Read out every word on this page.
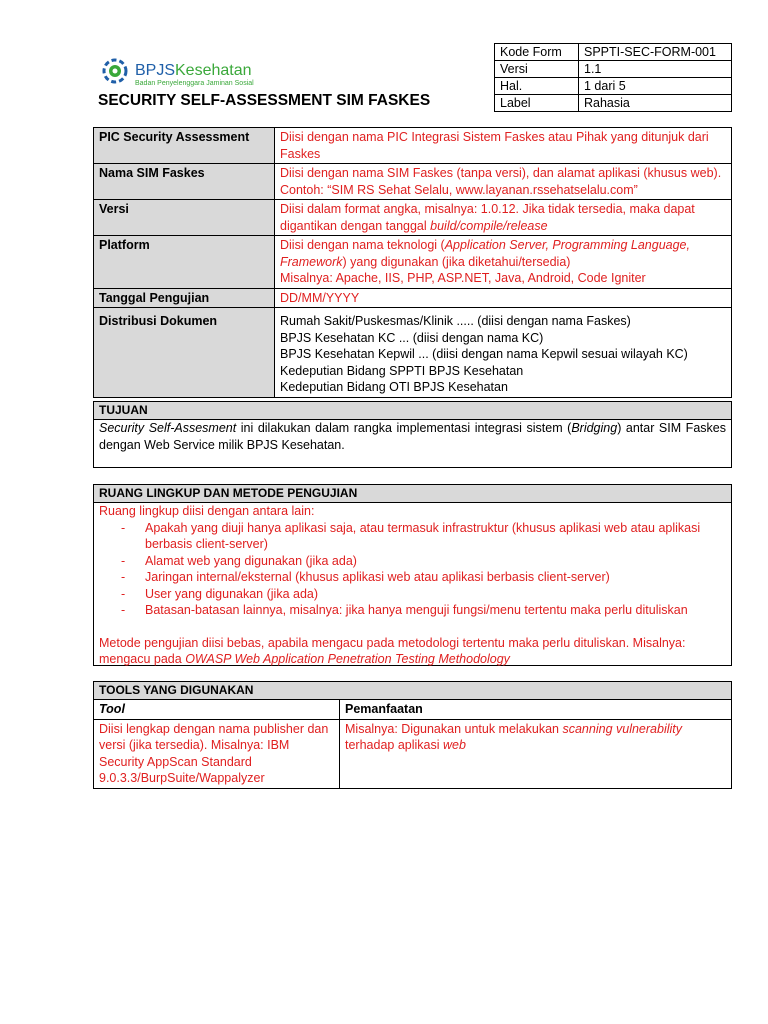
BPJS Kesehatan
Badan Penyelenggara Jaminan Sosial
SECURITY SELF-ASSESSMENT SIM FASKES
Kode Form	SPPTI-SEC-FORM-001
Versi	1.1
Hal.	1 dari 5
Label	Rahasia
PIC Security Assessment	Diisi dengan nama PIC Integrasi Sistem Faskes atau Pihak yang ditunjuk dari Faskes
Nama SIM Faskes	Diisi dengan nama SIM Faskes (tanpa versi), dan alamat aplikasi (khusus web). Contoh: “SIM RS Sehat Selalu, www.layanan.rssehatselalu.com”
Versi	Diisi dalam format angka, misalnya: 1.0.12. Jika tidak tersedia, maka dapat digantikan dengan tanggal build/compile/release
Platform	Diisi dengan nama teknologi (Application Server, Programming Language, Framework) yang digunakan (jika diketahui/tersedia)
Misalnya: Apache, IIS, PHP, ASP.NET, Java, Android, Code Igniter
Tanggal Pengujian	DD/MM/YYYY
Distribusi Dokumen	Rumah Sakit/Puskesmas/Klinik ..... (diisi dengan nama Faskes)
BPJS Kesehatan KC ... (diisi dengan nama KC)
BPJS Kesehatan Kepwil ... (diisi dengan nama Kepwil sesuai wilayah KC)
Kedeputian Bidang SPPTI BPJS Kesehatan
Kedeputian Bidang OTI BPJS Kesehatan
TUJUAN
Security Self-Assesment ini dilakukan dalam rangka implementasi integrasi sistem (Bridging) antar SIM Faskes dengan Web Service milik BPJS Kesehatan.
RUANG LINGKUP DAN METODE PENGUJIAN
Ruang lingkup diisi dengan antara lain:
- Apakah yang diuji hanya aplikasi saja, atau termasuk infrastruktur (khusus aplikasi web atau aplikasi berbasis client-server)
- Alamat web yang digunakan (jika ada)
- Jaringan internal/eksternal (khusus aplikasi web atau aplikasi berbasis client-server)
- User yang digunakan (jika ada)
- Batasan-batasan lainnya, misalnya: jika hanya menguji fungsi/menu tertentu maka perlu dituliskan
Metode pengujian diisi bebas, apabila mengacu pada metodologi tertentu maka perlu dituliskan. Misalnya: mengacu pada OWASP Web Application Penetration Testing Methodology
TOOLS YANG DIGUNAKAN	
Tool	Pemanfaatan
Diisi lengkap dengan nama publisher dan versi (jika tersedia). Misalnya: IBM Security AppScan Standard 9.0.3.3/BurpSuite/Wappalyzer	Misalnya: Digunakan untuk melakukan scanning vulnerability terhadap aplikasi web
